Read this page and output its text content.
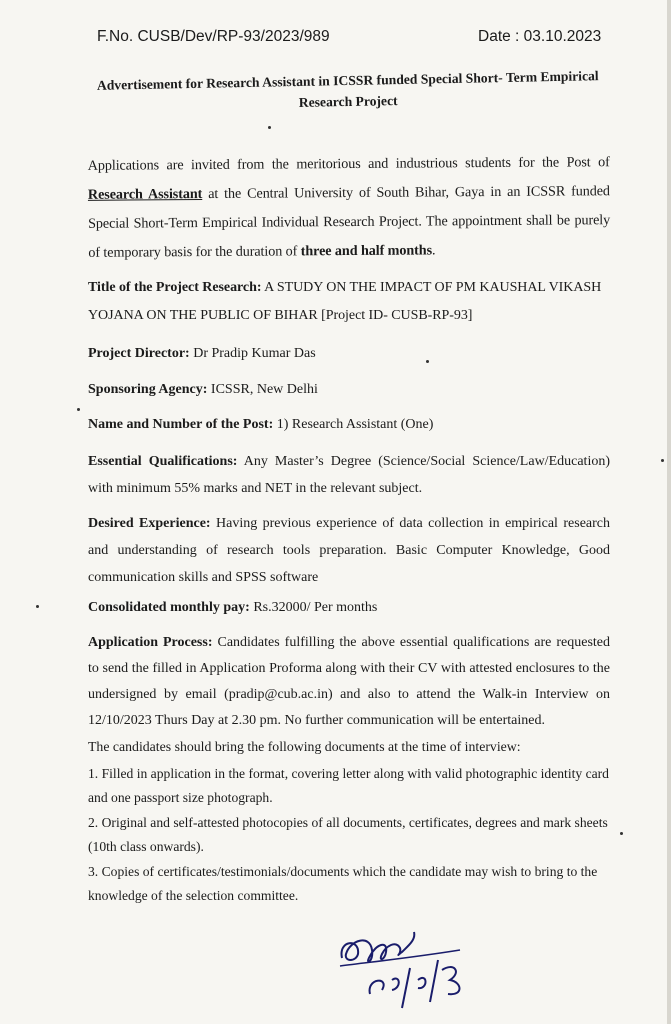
F.No. CUSB/Dev/RP-93/2023/989	Date : 03.10.2023
Advertisement for Research Assistant in ICSSR funded Special Short- Term Empirical Research Project
Applications are invited from the meritorious and industrious students for the Post of Research Assistant at the Central University of South Bihar, Gaya in an ICSSR funded Special Short-Term Empirical Individual Research Project. The appointment shall be purely of temporary basis for the duration of three and half months.
Title of the Project Research: A STUDY ON THE IMPACT OF PM KAUSHAL VIKASH YOJANA ON THE PUBLIC OF BIHAR [Project ID- CUSB-RP-93]
Project Director: Dr Pradip Kumar Das
Sponsoring Agency: ICSSR, New Delhi
Name and Number of the Post: 1) Research Assistant (One)
Essential Qualifications: Any Master’s Degree (Science/Social Science/Law/Education) with minimum 55% marks and NET in the relevant subject.
Desired Experience: Having previous experience of data collection in empirical research and understanding of research tools preparation. Basic Computer Knowledge, Good communication skills and SPSS software
Consolidated monthly pay: Rs.32000/ Per months
Application Process: Candidates fulfilling the above essential qualifications are requested to send the filled in Application Proforma along with their CV with attested enclosures to the undersigned by email (pradip@cub.ac.in) and also to attend the Walk-in Interview on 12/10/2023 Thurs Day at 2.30 pm. No further communication will be entertained.
The candidates should bring the following documents at the time of interview:
1. Filled in application in the format, covering letter along with valid photographic identity card and one passport size photograph.
2. Original and self-attested photocopies of all documents, certificates, degrees and mark sheets (10th class onwards).
3. Copies of certificates/testimonials/documents which the candidate may wish to bring to the knowledge of the selection committee.
